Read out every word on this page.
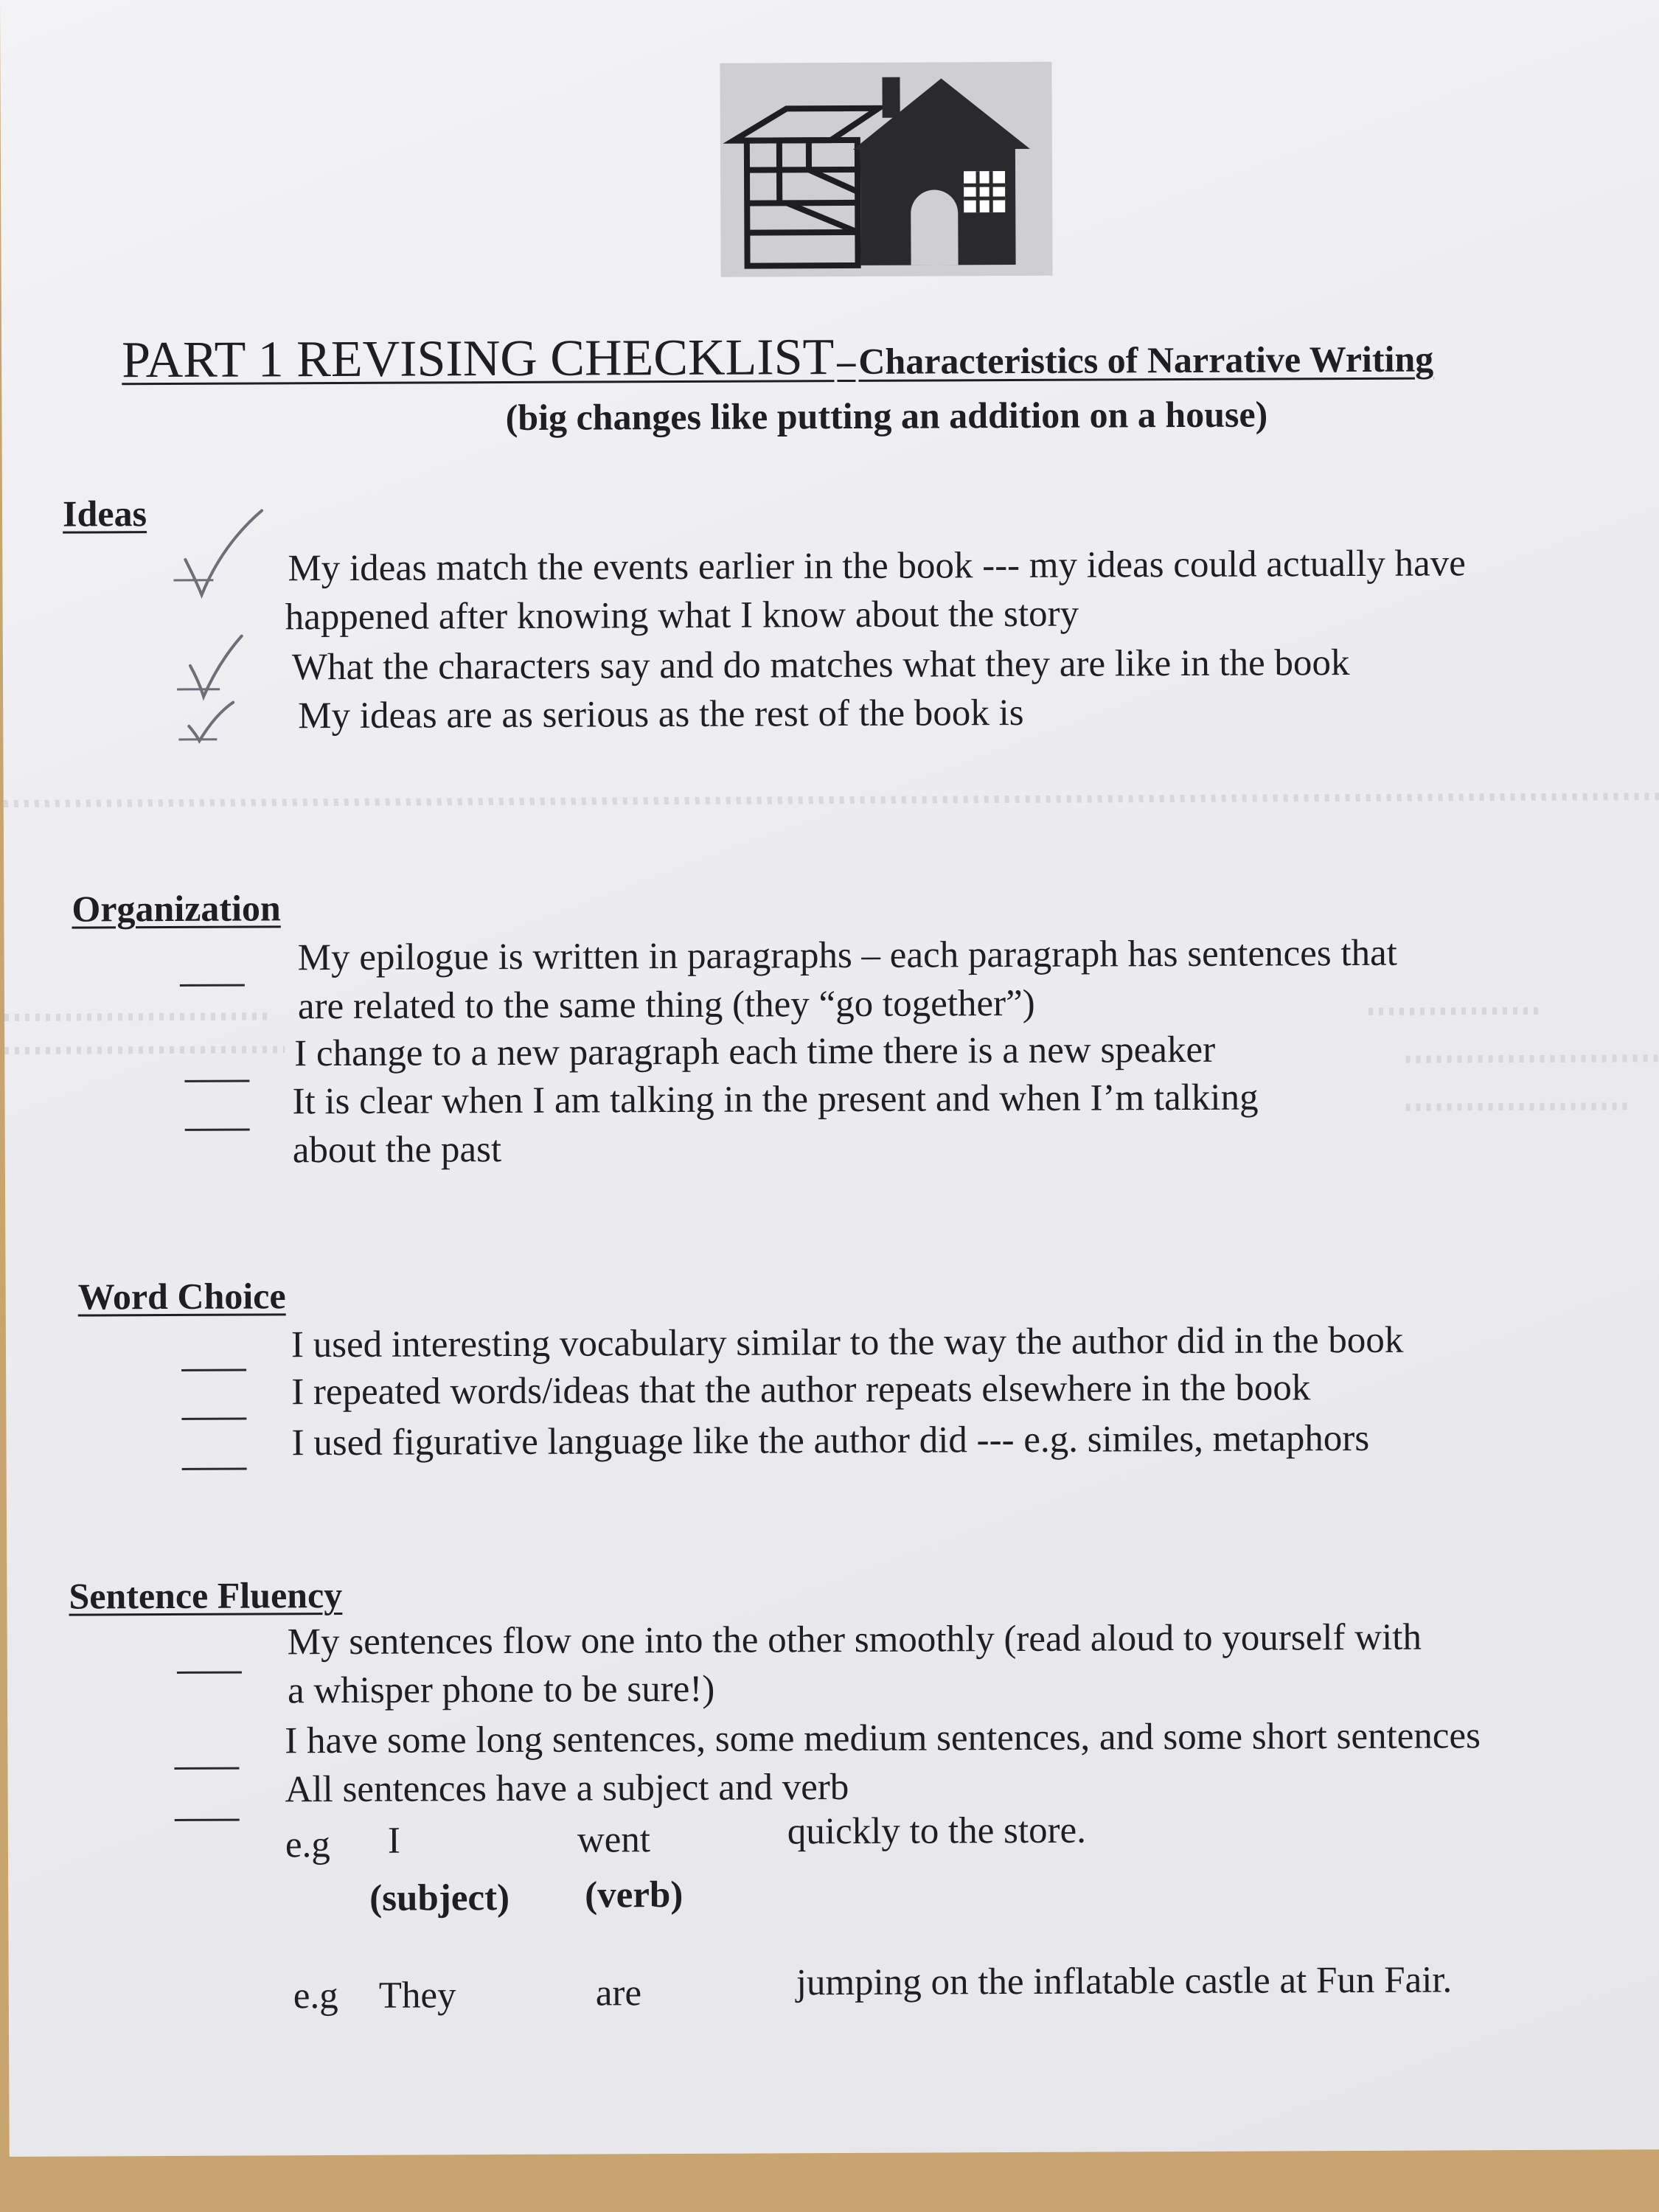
PART 1 REVISING CHECKLIST – Characteristics of Narrative Writing
(big changes like putting an addition on a house)
Ideas
My ideas match the events earlier in the book --- my ideas could actually have
happened after knowing what I know about the story
What the characters say and do matches what they are like in the book
My ideas are as serious as the rest of the book is
Organization
My epilogue is written in paragraphs – each paragraph has sentences that
are related to the same thing (they “go together”)
I change to a new paragraph each time there is a new speaker
It is clear when I am talking in the present and when I’m talking
about the past
Word Choice
I used interesting vocabulary similar to the way the author did in the book
I repeated words/ideas that the author repeats elsewhere in the book
I used figurative language like the author did --- e.g. similes, metaphors
Sentence Fluency
My sentences flow one into the other smoothly (read aloud to yourself with
a whisper phone to be sure!)
I have some long sentences, some medium sentences, and some short sentences
All sentences have a subject and verb
e.g I	went	quickly to the store.
(subject) (verb)
e.g They	are	jumping on the inflatable castle at Fun Fair.
